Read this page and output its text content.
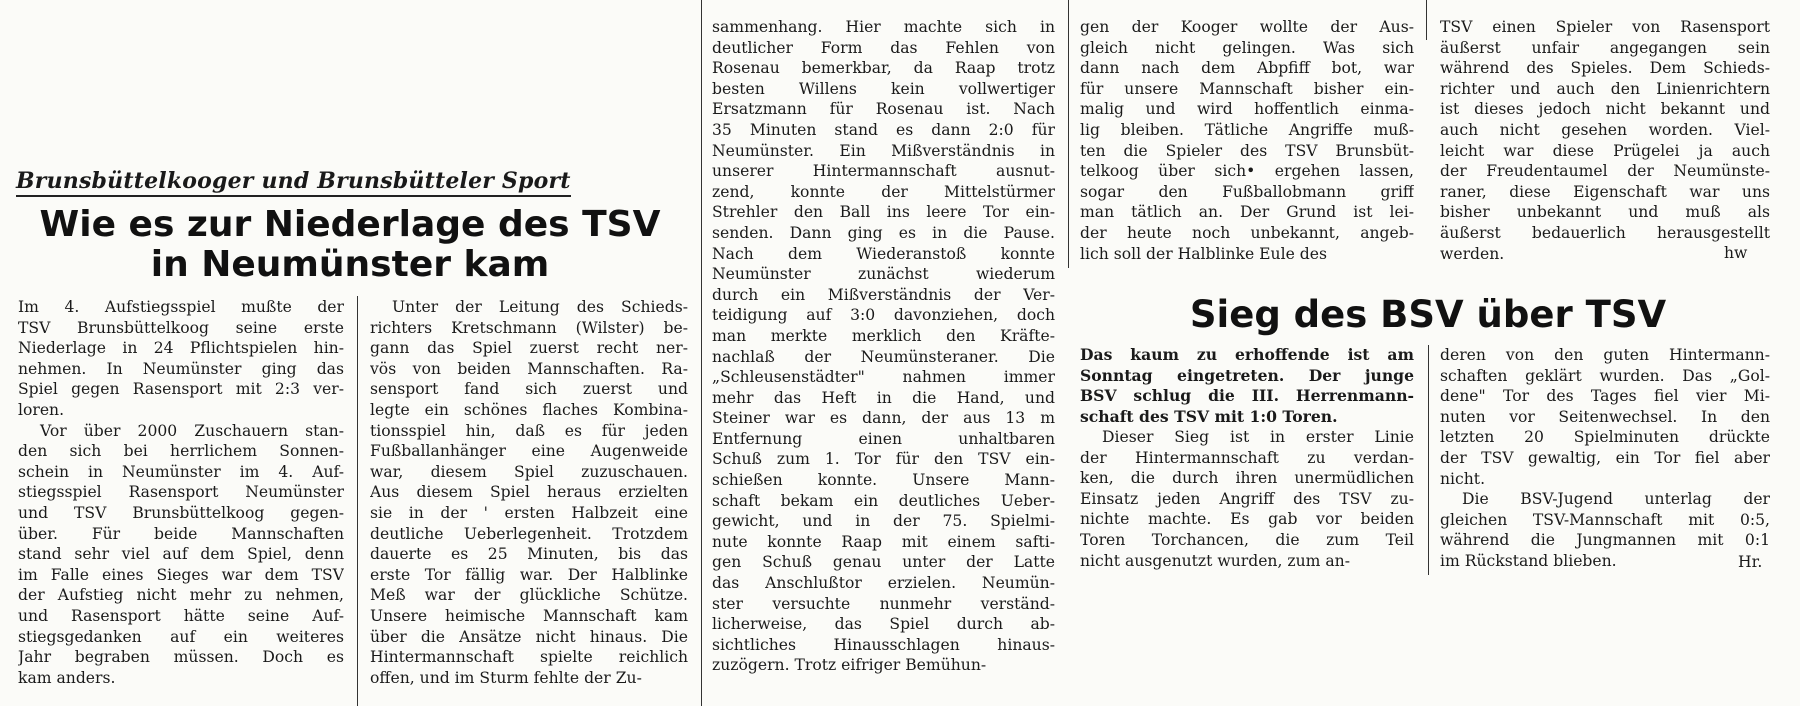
Brunsbüttelkooger und Brunsbütteler Sport
Wie es zur Niederlage des TSV
in Neumünster kam
Im 4. Aufstiegsspiel mußte der
TSV Brunsbüttelkoog seine erste
Niederlage in 24 Pflichtspielen hin-
nehmen. In Neumünster ging das
Spiel gegen Rasensport mit 2:3 ver-
loren.
Vor über 2000 Zuschauern stan-
den sich bei herrlichem Sonnen-
schein in Neumünster im 4. Auf-
stiegsspiel Rasensport Neumünster
und TSV Brunsbüttelkoog gegen-
über. Für beide Mannschaften
stand sehr viel auf dem Spiel, denn
im Falle eines Sieges war dem TSV
der Aufstieg nicht mehr zu nehmen,
und Rasensport hätte seine Auf-
stiegsgedanken auf ein weiteres
Jahr begraben müssen. Doch es
kam anders.
Unter der Leitung des Schieds-
richters Kretschmann (Wilster) be-
gann das Spiel zuerst recht ner-
vös von beiden Mannschaften. Ra-
sensport fand sich zuerst und
legte ein schönes flaches Kombina-
tionsspiel hin, daß es für jeden
Fußballanhänger eine Augenweide
war, diesem Spiel zuzuschauen.
Aus diesem Spiel heraus erzielten
sie in der ' ersten Halbzeit eine
deutliche Ueberlegenheit. Trotzdem
dauerte es 25 Minuten, bis das
erste Tor fällig war. Der Halblinke
Meß war der glückliche Schütze.
Unsere heimische Mannschaft kam
über die Ansätze nicht hinaus. Die
Hintermannschaft spielte reichlich
offen, und im Sturm fehlte der Zu-
sammenhang. Hier machte sich in
deutlicher Form das Fehlen von
Rosenau bemerkbar, da Raap trotz
besten Willens kein vollwertiger
Ersatzmann für Rosenau ist. Nach
35 Minuten stand es dann 2:0 für
Neumünster. Ein Mißverständnis in
unserer Hintermannschaft ausnut-
zend, konnte der Mittelstürmer
Strehler den Ball ins leere Tor ein-
senden. Dann ging es in die Pause.
Nach dem Wiederanstoß konnte
Neumünster zunächst wiederum
durch ein Mißverständnis der Ver-
teidigung auf 3:0 davonziehen, doch
man merkte merklich den Kräfte-
nachlaß der Neumünsteraner. Die
„Schleusenstädter" nahmen immer
mehr das Heft in die Hand, und
Steiner war es dann, der aus 13 m
Entfernung einen unhaltbaren
Schuß zum 1. Tor für den TSV ein-
schießen konnte. Unsere Mann-
schaft bekam ein deutliches Ueber-
gewicht, und in der 75. Spielmi-
nute konnte Raap mit einem safti-
gen Schuß genau unter der Latte
das Anschlußtor erzielen. Neumün-
ster versuchte nunmehr verständ-
licherweise, das Spiel durch ab-
sichtliches Hinausschlagen hinaus-
zuzögern. Trotz eifriger Bemühun-
gen der Kooger wollte der Aus-
gleich nicht gelingen. Was sich
dann nach dem Abpfiff bot, war
für unsere Mannschaft bisher ein-
malig und wird hoffentlich einma-
lig bleiben. Tätliche Angriffe muß-
ten die Spieler des TSV Brunsbüt-
telkoog über sich• ergehen lassen,
sogar den Fußballobmann griff
man tätlich an. Der Grund ist lei-
der heute noch unbekannt, angeb-
lich soll der Halblinke Eule des
TSV einen Spieler von Rasensport
äußerst unfair angegangen sein
während des Spieles. Dem Schieds-
richter und auch den Linienrichtern
ist dieses jedoch nicht bekannt und
auch nicht gesehen worden. Viel-
leicht war diese Prügelei ja auch
der Freudentaumel der Neumünste-
raner, diese Eigenschaft war uns
bisher unbekannt und muß als
äußerst bedauerlich herausgestellt
werden.	hw
Sieg des BSV über TSV
Das kaum zu erhoffende ist am
Sonntag eingetreten. Der junge
BSV schlug die III. Herrenmann-
schaft des TSV mit 1:0 Toren.
Dieser Sieg ist in erster Linie
der Hintermannschaft zu verdan-
ken, die durch ihren unermüdlichen
Einsatz jeden Angriff des TSV zu-
nichte machte. Es gab vor beiden
Toren Torchancen, die zum Teil
nicht ausgenutzt wurden, zum an-
deren von den guten Hintermann-
schaften geklärt wurden. Das „Gol-
dene" Tor des Tages fiel vier Mi-
nuten vor Seitenwechsel. In den
letzten 20 Spielminuten drückte
der TSV gewaltig, ein Tor fiel aber
nicht.
Die BSV-Jugend unterlag der
gleichen TSV-Mannschaft mit 0:5,
während die Jungmannen mit 0:1
im Rückstand blieben.	Hr.
